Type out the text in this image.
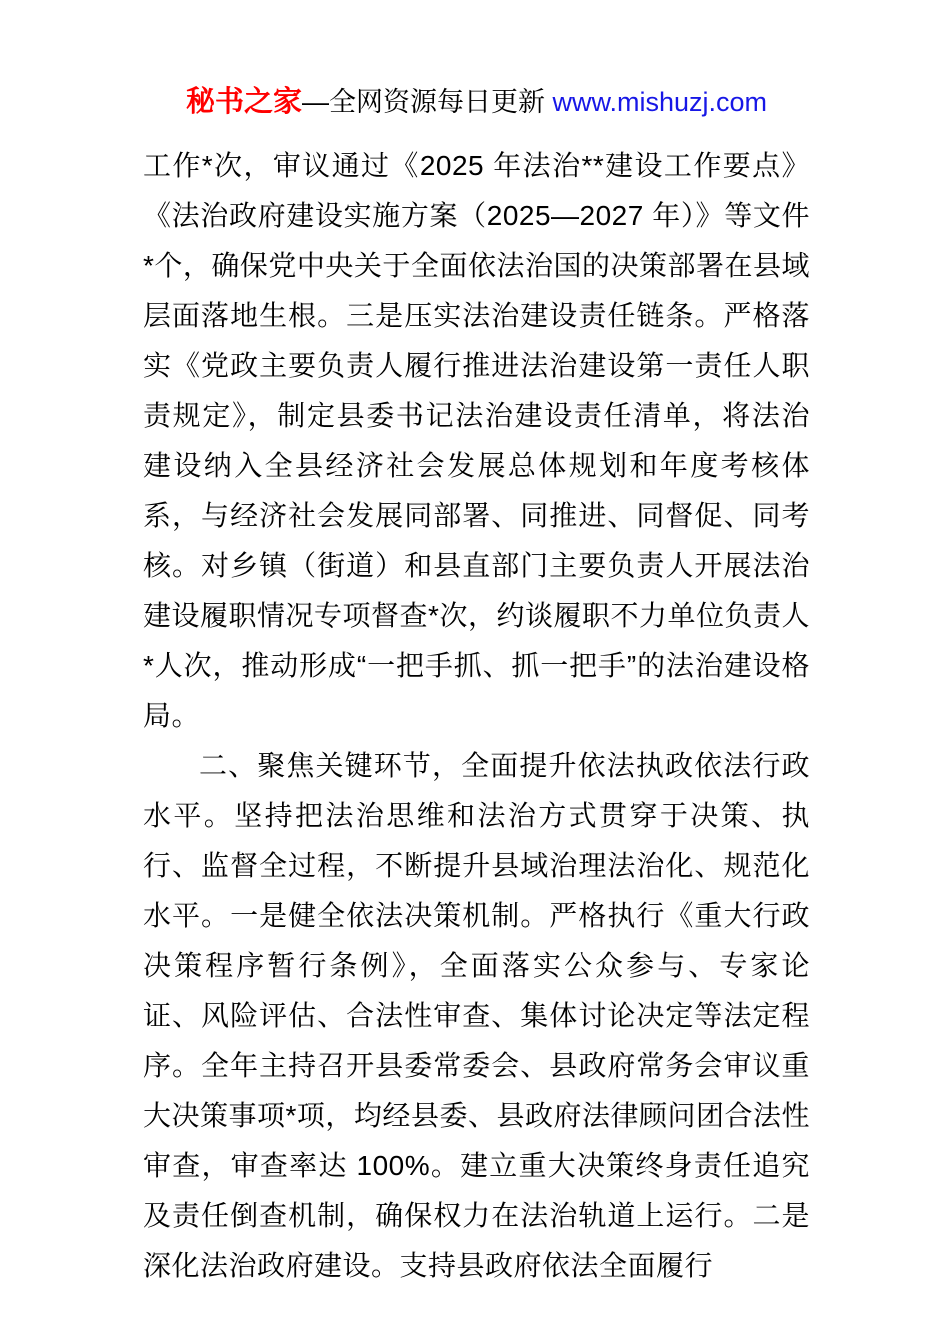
秘书之家—全网资源每日更新 www.mishuzj.com

工作*次，审议通过《2025 年法治**建设工作要点》《法治政府建设实施方案（2025—2027 年）》等文件*个，确保党中央关于全面依法治国的决策部署在县域层面落地生根。三是压实法治建设责任链条。严格落实《党政主要负责人履行推进法治建设第一责任人职责规定》，制定县委书记法治建设责任清单，将法治建设纳入全县经济社会发展总体规划和年度考核体系，与经济社会发展同部署、同推进、同督促、同考核。对乡镇（街道）和县直部门主要负责人开展法治建设履职情况专项督查*次，约谈履职不力单位负责人*人次，推动形成“一把手抓、抓一把手”的法治建设格局。

二、聚焦关键环节，全面提升依法执政依法行政水平。坚持把法治思维和法治方式贯穿于决策、执行、监督全过程，不断提升县域治理法治化、规范化水平。一是健全依法决策机制。严格执行《重大行政决策程序暂行条例》，全面落实公众参与、专家论证、风险评估、合法性审查、集体讨论决定等法定程序。全年主持召开县委常委会、县政府常务会审议重大决策事项*项，均经县委、县政府法律顾问团合法性审查，审查率达 100%。建立重大决策终身责任追究及责任倒查机制，确保权力在法治轨道上运行。二是深化法治政府建设。支持县政府依法全面履行
